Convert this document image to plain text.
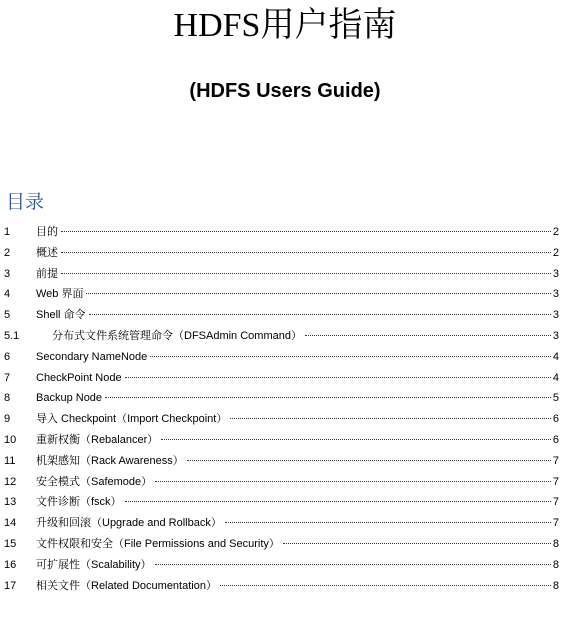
HDFS用户指南
(HDFS Users Guide)
目录
1 目的	2
2 概述	2
3 前提	3
4 Web 界面	3
5 Shell 命令	3
5.1	分布式文件系统管理命令（DFSAdmin Command）	3
6 Secondary NameNode	4
7 CheckPoint Node	4
8 Backup Node	5
9 导入 Checkpoint（Import Checkpoint）	6
10 重新权衡（Rebalancer）	6
11 机架感知（Rack Awareness）	7
12 安全模式（Safemode）	7
13 文件诊断（fsck）	7
14 升级和回滚（Upgrade and Rollback）	7
15 文件权限和安全（File Permissions and Security）	8
16 可扩展性（Scalability）	8
17 相关文件（Related Documentation）	8
